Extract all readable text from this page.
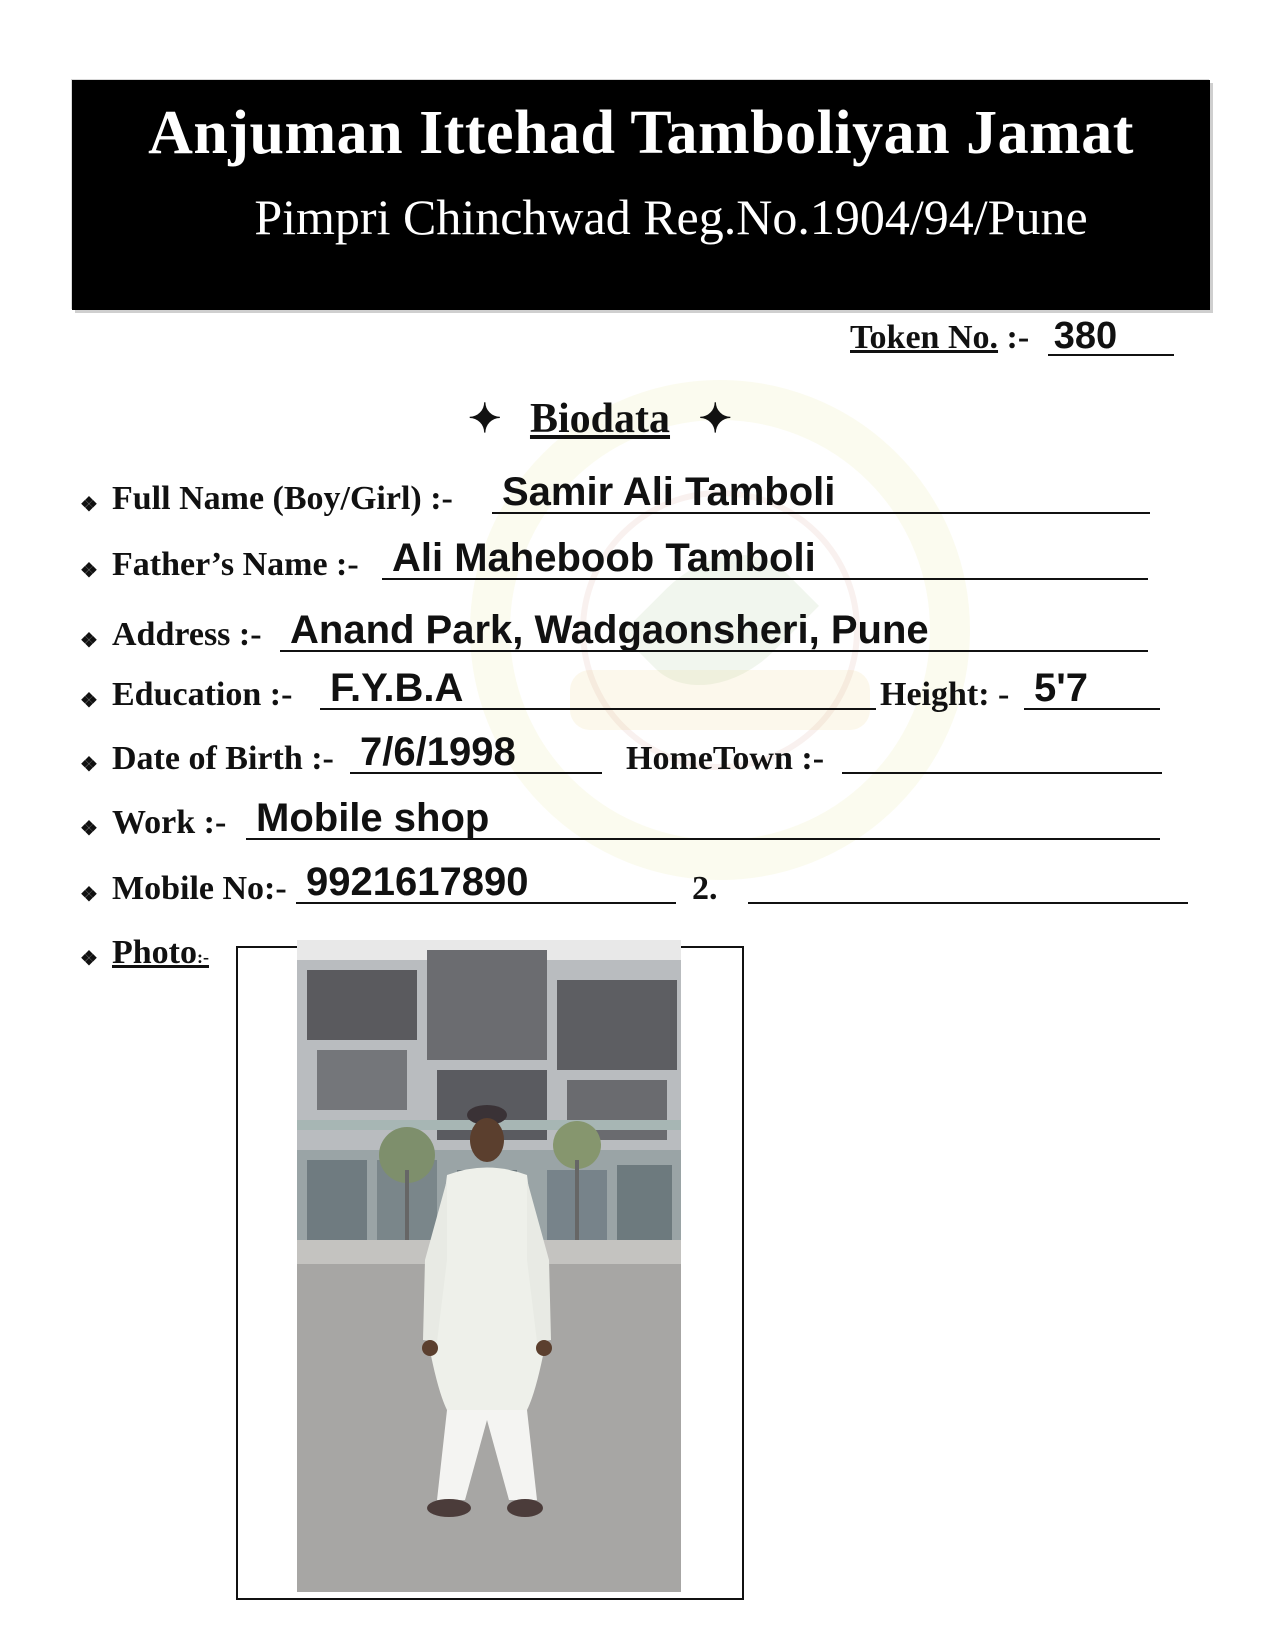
Anjuman Ittehad Tamboliyan Jamat
Pimpri Chinchwad Reg.No.1904/94/Pune
Token No. :- 380
✦ Biodata ✦
❖ Full Name (Boy/Girl) :- Samir Ali Tamboli
❖ Father’s Name :- Ali Maheboob Tamboli
❖ Address :- Anand Park, Wadgaonsheri, Pune
❖ Education :- F.Y.B.A	Height: - 5'7
❖ Date of Birth :- 7/6/1998	HomeTown :-
❖ Work :- Mobile shop
❖ Mobile No:- 9921617890	2.
❖ Photo:-
